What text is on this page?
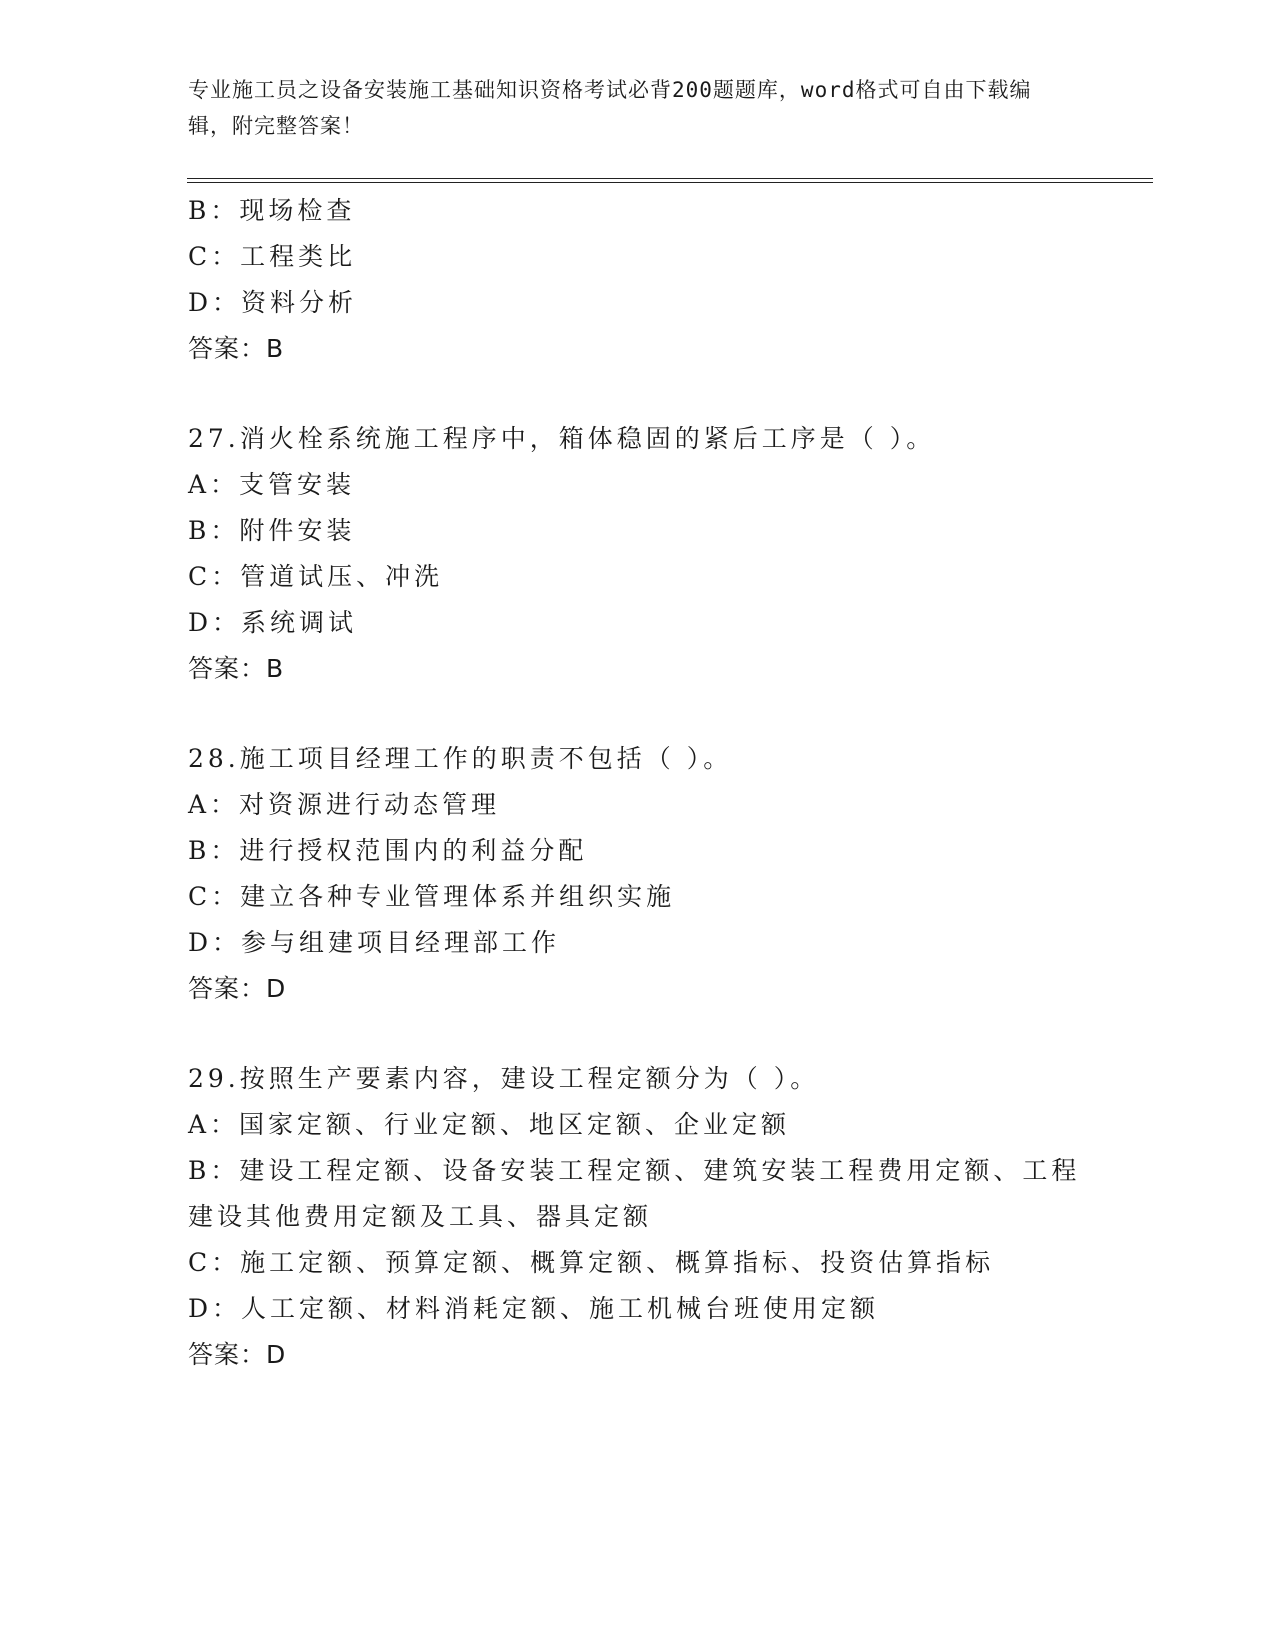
专业施工员之设备安装施工基础知识资格考试必背200题题库，word格式可自由下载编辑，附完整答案！
B：现场检查
C：工程类比
D：资料分析
答案：B
27.消火栓系统施工程序中，箱体稳固的紧后工序是（ ）。
A：支管安装
B：附件安装
C：管道试压、冲洗
D：系统调试
答案：B
28.施工项目经理工作的职责不包括（ ）。
A：对资源进行动态管理
B：进行授权范围内的利益分配
C：建立各种专业管理体系并组织实施
D：参与组建项目经理部工作
答案：D
29.按照生产要素内容，建设工程定额分为（ ）。
A：国家定额、行业定额、地区定额、企业定额
B：建设工程定额、设备安装工程定额、建筑安装工程费用定额、工程建设其他费用定额及工具、器具定额
C：施工定额、预算定额、概算定额、概算指标、投资估算指标
D：人工定额、材料消耗定额、施工机械台班使用定额
答案：D
